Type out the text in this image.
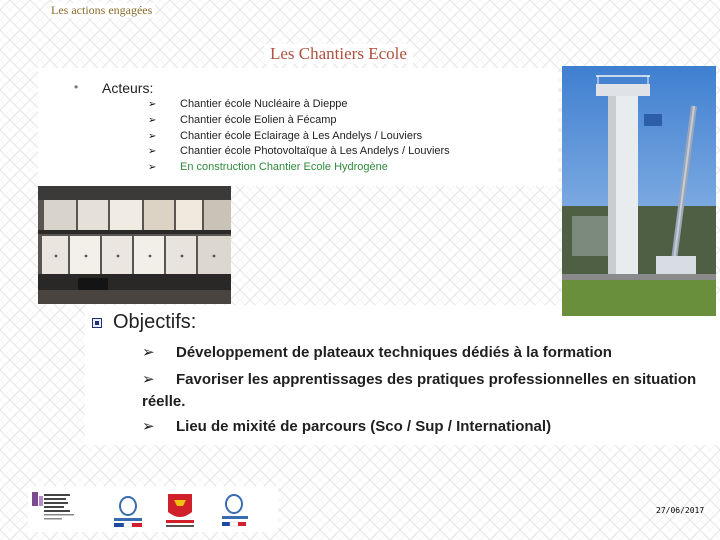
Les actions engagées
Les Chantiers Ecole
• Acteurs:
➢	Chantier école Nucléaire à Dieppe
➢	Chantier école Eolien à Fécamp
➢	Chantier école Eclairage à Les Andelys / Louviers
➢	Chantier école Photovoltaïque à Les Andelys / Louviers
➢	En construction Chantier Ecole Hydrogène
Objectifs:
➢ Développement de plateaux techniques dédiés à la formation
➢ Favoriser les apprentissages des pratiques professionnelles en situation réelle.
➢ Lieu de mixité de parcours (Sco / Sup / International)
27/06/2017
